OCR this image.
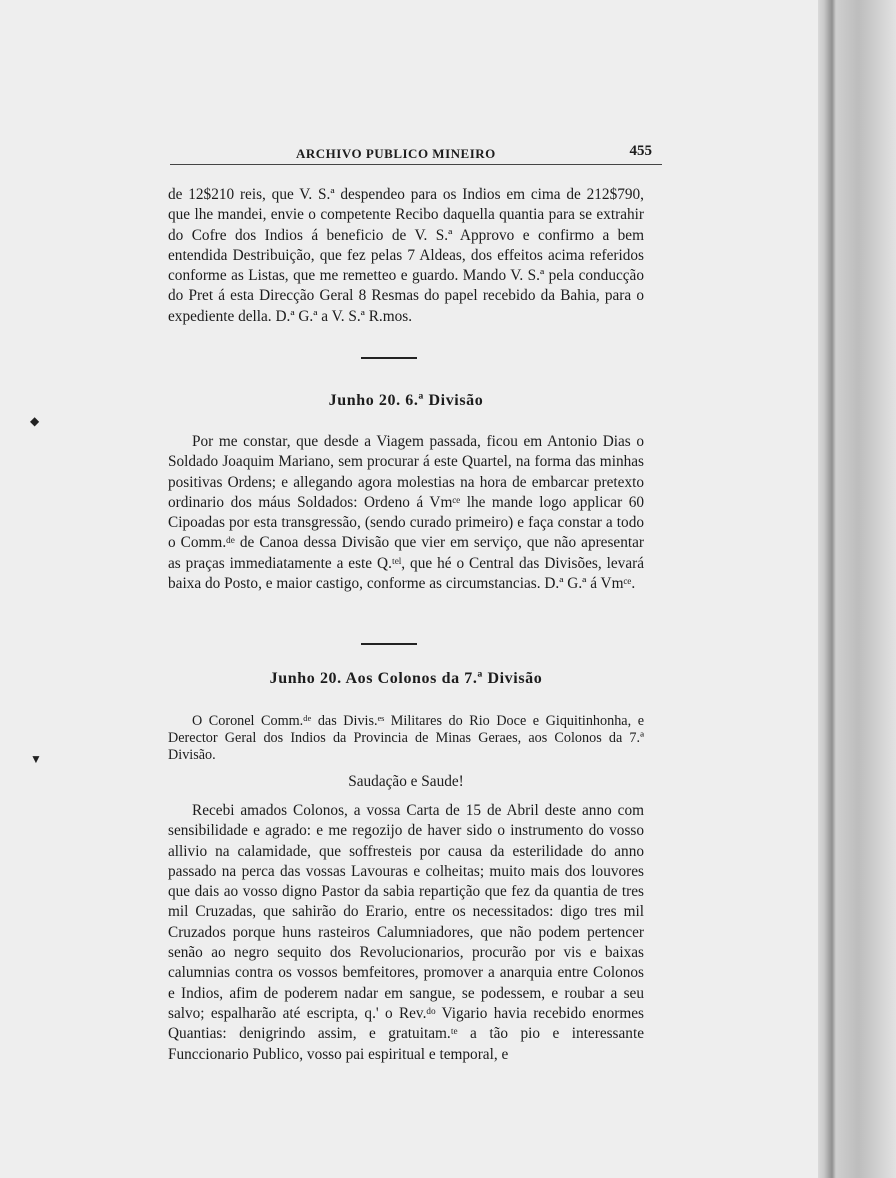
ARCHIVO PUBLICO MINEIRO	455

de 12$210 reis, que V. S.ª despendeo para os Indios em cima de 212$790, que lhe mandei, envie o competente Recibo daquella quantia para se extrahir do Cofre dos Indios á beneficio de V. S.ª Approvo e confirmo a bem entendida Destribuição, que fez pelas 7 Aldeas, dos effeitos acima referidos conforme as Listas, que me remetteo e guardo. Mando V. S.ª pela conducção do Pret á esta Direcção Geral 8 Resmas do papel recebido da Bahia, para o expediente della. D.ª G.ª a V. S.ª R.mos.

Junho 20. 6.ª Divisão

Por me constar, que desde a Viagem passada, ficou em Antonio Dias o Soldado Joaquim Mariano, sem procurar á este Quartel, na forma das minhas positivas Ordens; e allegando agora molestias na hora de embarcar pretexto ordinario dos máus Soldados: Ordeno á Vmᶜᵉ lhe mande logo applicar 60 Cipoadas por esta transgressão, (sendo curado primeiro) e faça constar a todo o Comm.ᵈᵉ de Canoa dessa Divisão que vier em serviço, que não apresentar as praças immediatamente a este Q.ᵗᵉˡ, que hé o Central das Divisões, levará baixa do Posto, e maior castigo, conforme as circumstancias. D.ª G.ª á Vmᶜᵉ.

Junho 20. Aos Colonos da 7.ª Divisão

O Coronel Comm.ᵈᵉ das Divis.ᵉˢ Militares do Rio Doce e Giquitinhonha, e Derector Geral dos Indios da Provincia de Minas Geraes, aos Colonos da 7.ª Divisão.

Saudação e Saude!

Recebi amados Colonos, a vossa Carta de 15 de Abril deste anno com sensibilidade e agrado: e me regozijo de haver sido o instrumento do vosso allivio na calamidade, que soffresteis por causa da esterilidade do anno passado na perca das vossas Lavouras e colheitas; muito mais dos louvores que dais ao vosso digno Pastor da sabia repartição que fez da quantia de tres mil Cruzadas, que sahirão do Erario, entre os necessitados: digo tres mil Cruzados porque huns rasteiros Calumniadores, que não podem pertencer senão ao negro sequito dos Revolucionarios, procurão por vis e baixas calumnias contra os vossos bemfeitores, promover a anarquia entre Colonos e Indios, afim de poderem nadar em sangue, se podessem, e roubar a seu salvo; espalharão até escripta, q.' o Rev.ᵈᵒ Vigario havia recebido enormes Quantias: denigrindo assim, e gratuitam.ᵗᵉ a tão pio e interessante Funccionario Publico, vosso pai espiritual e temporal, e

◆
▼
